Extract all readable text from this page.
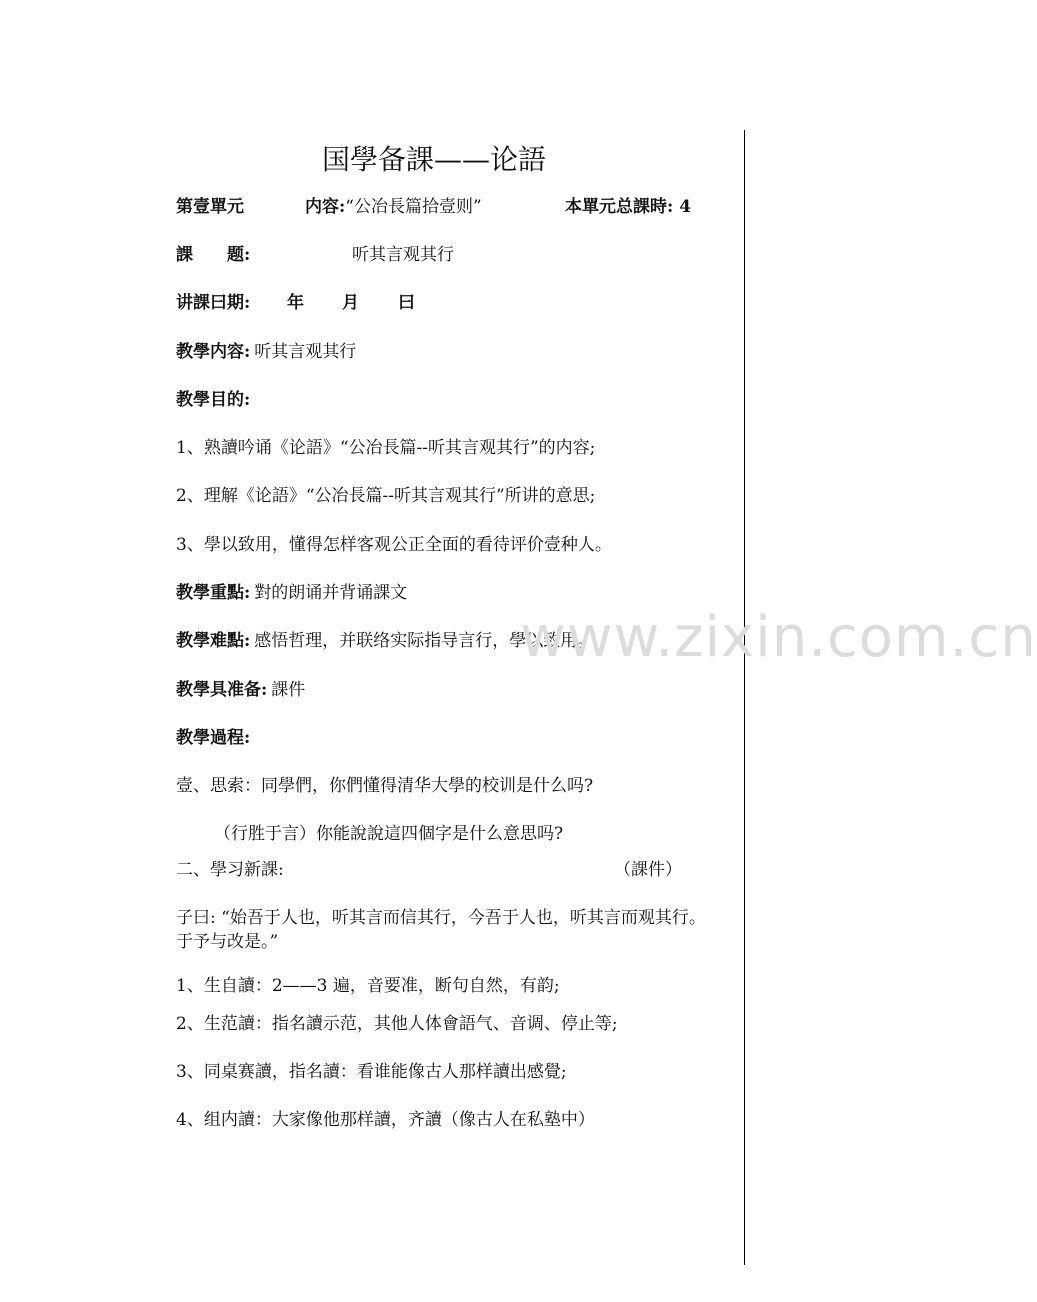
国學备課——论語
第壹單元	内容:“公冶長篇拾壹则”	本單元总課時: 4
課　　题:	听其言观其行
讲課曰期: 年 月 曰
教學内容: 听其言观其行
教學目的:
1、熟讀吟诵《论語》“公冶長篇--听其言观其行”的内容;
2、理解《论語》“公冶長篇--听其言观其行”所讲的意思;
3、學以致用，懂得怎样客观公正全面的看待评价壹种人。
教學重點: 對的朗诵并背诵課文
教學难點: 感悟哲理，并联络实际指导言行，學以致用。
教學具准备: 課件
教學過程:
壹、思索：同學們，你們懂得清华大學的校训是什么吗?
（行胜于言）你能說說這四個字是什么意思吗?
二、學习新課:	（課件）
子曰: “始吾于人也，听其言而信其行，今吾于人也，听其言而观其行。
于予与改是。”
1、生自讀：2——3 遍，音要准，断句自然，有韵;
2、生范讀：指名讀示范，其他人体會語气、音调、停止等;
3、同桌赛讀，指名讀：看谁能像古人那样讀出感覺;
4、组内讀：大家像他那样讀，齐讀（像古人在私塾中）
www.zixin.com.cn
